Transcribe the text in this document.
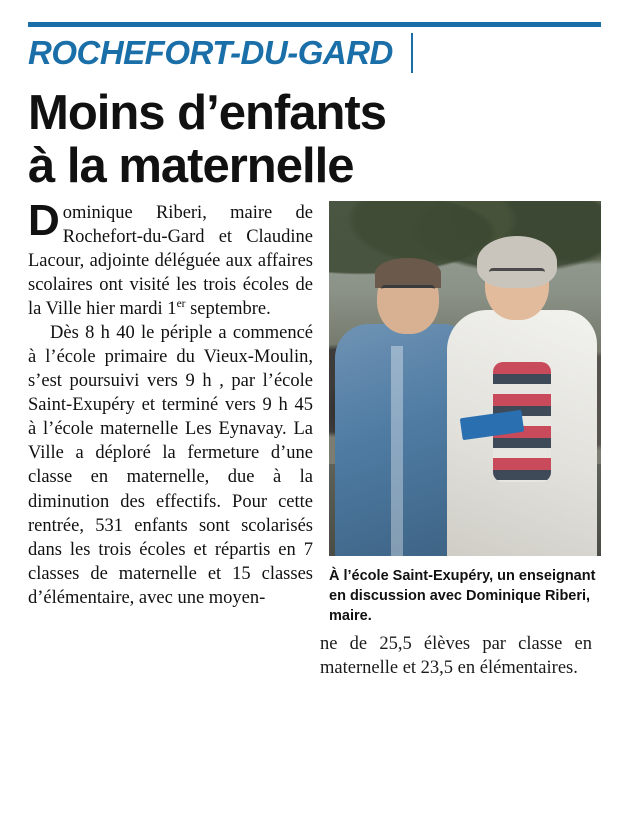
ROCHEFORT-DU-GARD
Moins d’enfants
à la maternelle
À l’école Saint-Exupéry, un enseignant en discussion avec Dominique Riberi, maire.

Dominique Riberi, maire de Rochefort-du-Gard et Claudine Lacour, adjointe déléguée aux affaires scolaires ont visité les trois écoles de la Ville hier mardi 1er septembre.

Dès 8 h 40 le périple a commencé à l’école primaire du Vieux-Moulin, s’est poursuivi vers 9 h , par l’école Saint-Exupéry et terminé vers 9 h 45 à l’école maternelle Les Eynavay. La Ville a déploré la fermeture d’une classe en maternelle, due à la diminution des effectifs. Pour cette rentrée, 531 enfants sont scolarisés dans les trois écoles et répartis en 7 classes de maternelle et 15 classes d’élémentaire, avec une moyen-

ne de 25,5 élèves par classe en maternelle et 23,5 en élémentaires.
